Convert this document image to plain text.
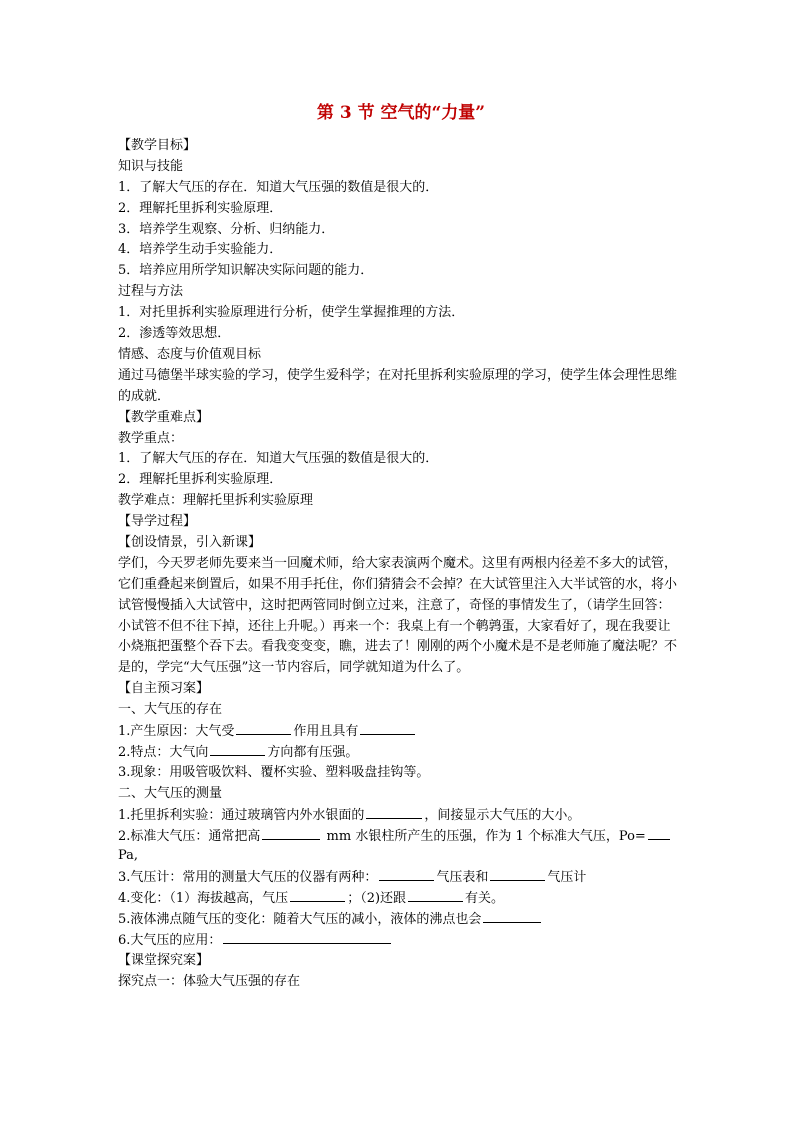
第 3 节 空气的“力量”
【教学目标】
知识与技能
1．了解大气压的存在．知道大气压强的数值是很大的．
2．理解托里拆利实验原理．
3．培养学生观察、分析、归纳能力．
4．培养学生动手实验能力．
5．培养应用所学知识解决实际问题的能力．
过程与方法
1．对托里拆利实验原理进行分析，使学生掌握推理的方法．
2．渗透等效思想．
情感、态度与价值观目标
通过马德堡半球实验的学习，使学生爱科学；在对托里拆利实验原理的学习，使学生体会理性思维的成就．
【教学重难点】
教学重点：
1．了解大气压的存在．知道大气压强的数值是很大的．
2．理解托里拆利实验原理．
教学难点：理解托里拆利实验原理
【导学过程】
【创设情景，引入新课】
学们，今天罗老师先要来当一回魔术师，给大家表演两个魔术。这里有两根内径差不多大的试管，它们重叠起来倒置后，如果不用手托住，你们猜猜会不会掉？在大试管里注入大半试管的水，将小试管慢慢插入大试管中，这时把两管同时倒立过来，注意了，奇怪的事情发生了，（请学生回答：小试管不但不往下掉，还往上升呢。）再来一个：我桌上有一个鹌鹑蛋，大家看好了，现在我要让小烧瓶把蛋整个吞下去。看我变变变，瞧，进去了！刚刚的两个小魔术是不是老师施了魔法呢？不是的，学完“大气压强”这一节内容后，同学就知道为什么了。
【自主预习案】
一、大气压的存在
1.产生原因：大气受	作用且具有
2.特点：大气向	方向都有压强。
3.现象：用吸管吸饮料、覆杯实验、塑料吸盘挂钩等。
二、大气压的测量
1.托里拆利实验：通过玻璃管内外水银面的	，间接显示大气压的大小。
2.标准大气压：通常把高	mm 水银柱所产生的压强，作为 1 个标准大气压，Po=
Pa,
3.气压计：常用的测量大气压的仪器有两种：	气压表和	气压计
4.变化：（1）海拔越高，气压	；（2)还跟	有关。
5.液体沸点随气压的变化：随着大气压的减小，液体的沸点也会
6.大气压的应用：
【课堂探究案】
探究点一：体验大气压强的存在
